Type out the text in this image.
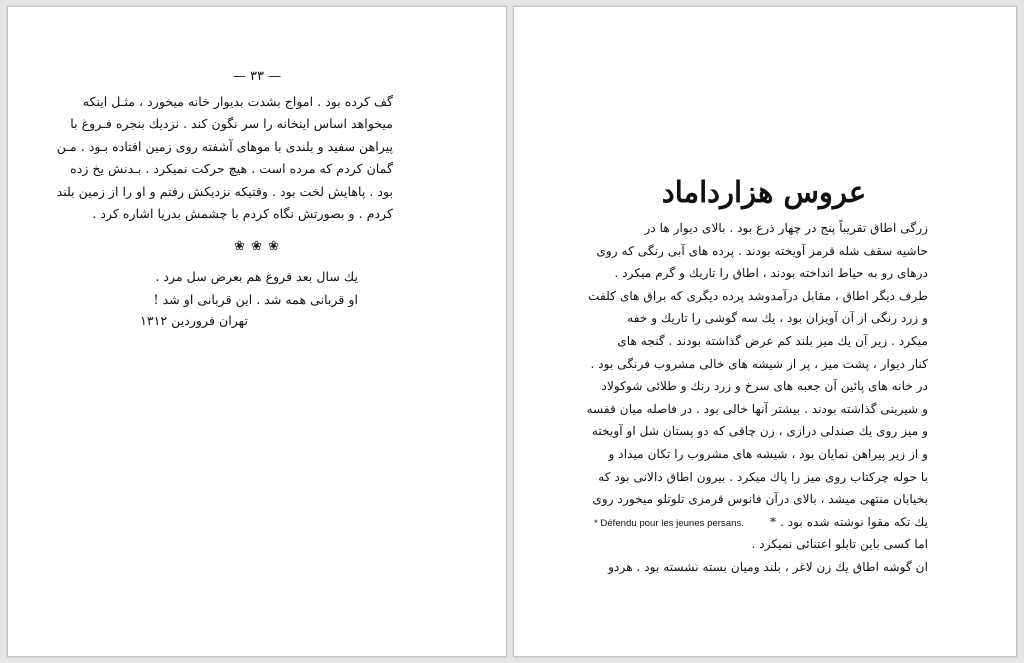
— ۳۳ —
گف کرده بود . امواج بشدت بدیوار خانه میخورد ، مثـل اینکه
میخواهد اساس اینخانه را سر نگون کند . نزدیك بنجره فـروغ با
پیراهن سفید و بلندی با موهای آشفته روی زمین افتاده بـود . مـن
گمان کردم که مرده است . هیچ حرکت نمیکرد . بـدنش یخ زده
بود . پاهایش لخت بود . وقتیکه نزدیکش رفتم و او را از زمین بلند
کردم . و بصورتش نگاه کردم با چشمش بدریا اشاره کرد .
❀ ❀ ❀
یك سال بعد فروغ هم بعرض سل مرد .
او قربانی همه شد . این قربانی او شد !
تهران فروردین ۱۳۱۲
عروس هزارداماد
زرگی اطاق تقریباً پنج در چهار ذرع بود . بالای دیوار ها در
حاشیه سقف شله قرمز آویخته بودند . پرده های آبی رنگی که روی
درهای رو به حیاط انداخته بودند ، اطاق را تاریك و گرم میکرد .
طرف دیگر اطاق ، مقابل درآمدوشد پرده دیگری که براق های کلفت
و زرد رنگی از آن آویزان بود ، یك سه گوشی را تاریك و خفه
میکرد . زیر آن یك میز بلند کم عرض گذاشته بودند . گنجه های
کنار دیوار ، پشت میز ، پر از شیشه های خالی مشروب فرنگی بود .
در خانه های پائین آن جعبه های سرخ و زرد رنك و طلائی شوکولاد
و شیرینی گذاشته بودند . بیشتر آنها خالی بود . در فاصله میان قفسه
و میز روی یك صندلی درازی ، زن چاقی که دو پستان شل او آویخته
و از زیر پیراهن نمایان بود ، شیشه های مشروب را تکان میداد و
با حوله چرکتاب روی میز را پاك میکرد . بیرون اطاق دالانی بود که
بخیابان منتهی میشد ، بالای درآن فانوس قرمزی تلوتلو میخورد روی
یك تکه مقوا نوشته شده بود . *
اما کسی باین تابلو اعتنائی نمیکرد .
ان گوشه اطاق یك زن لاغر ، بلند ومیان بسته نشسته بود . هردو
* Défendu pour les jeunes persans.
